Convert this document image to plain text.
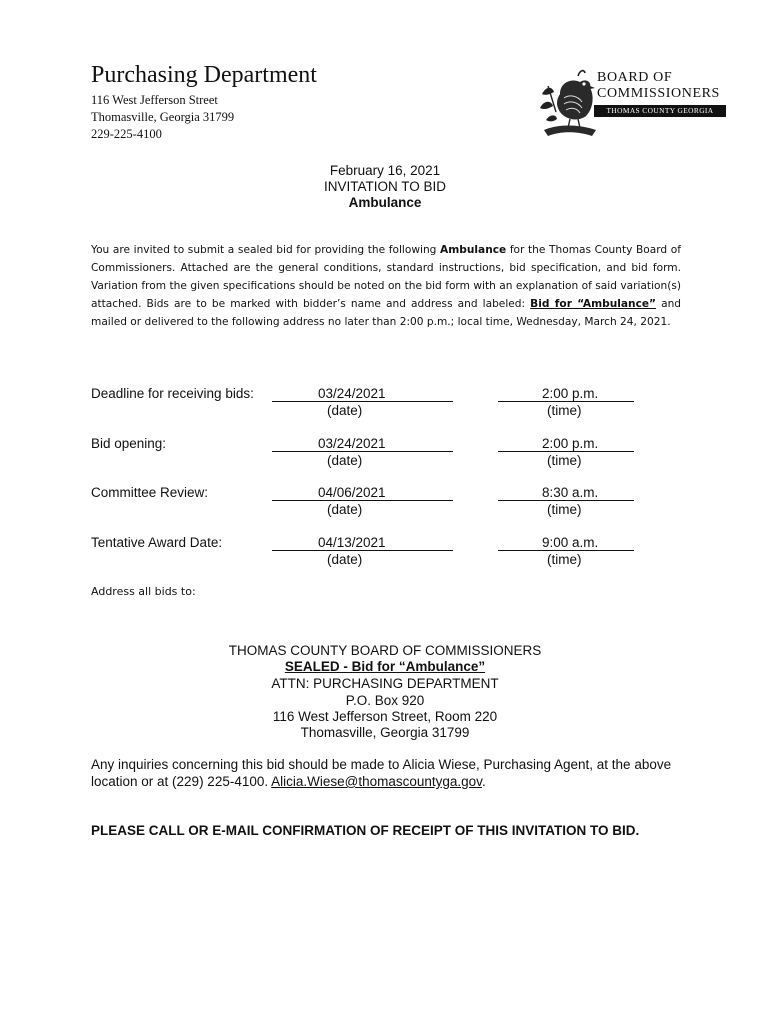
Purchasing Department
116 West Jefferson Street
Thomasville, Georgia 31799
229-225-4100
BOARD OF
COMMISSIONERS
THOMAS COUNTY GEORGIA
February 16, 2021
INVITATION TO BID
Ambulance
You are invited to submit a sealed bid for providing the following Ambulance for the Thomas County Board of Commissioners. Attached are the general conditions, standard instructions, bid specification, and bid form. Variation from the given specifications should be noted on the bid form with an explanation of said variation(s) attached. Bids are to be marked with bidder’s name and address and labeled: Bid for “Ambulance” and mailed or delivered to the following address no later than 2:00 p.m.; local time, Wednesday, March 24, 2021.
Deadline for receiving bids:	03/24/2021
(date)
2:00 p.m.
(time)
Bid opening:	03/24/2021
(date)
2:00 p.m.
(time)
Committee Review:	04/06/2021
(date)
8:30 a.m.
(time)
Tentative Award Date:	04/13/2021
(date)
9:00 a.m.
(time)
Address all bids to:
THOMAS COUNTY BOARD OF COMMISSIONERS
SEALED - Bid for “Ambulance”
ATTN: PURCHASING DEPARTMENT
P.O. Box 920
116 West Jefferson Street, Room 220
Thomasville, Georgia 31799
Any inquiries concerning this bid should be made to Alicia Wiese, Purchasing Agent, at the above location or at (229) 225-4100. Alicia.Wiese@thomascountyga.gov.
PLEASE CALL OR E-MAIL CONFIRMATION OF RECEIPT OF THIS INVITATION TO BID.
